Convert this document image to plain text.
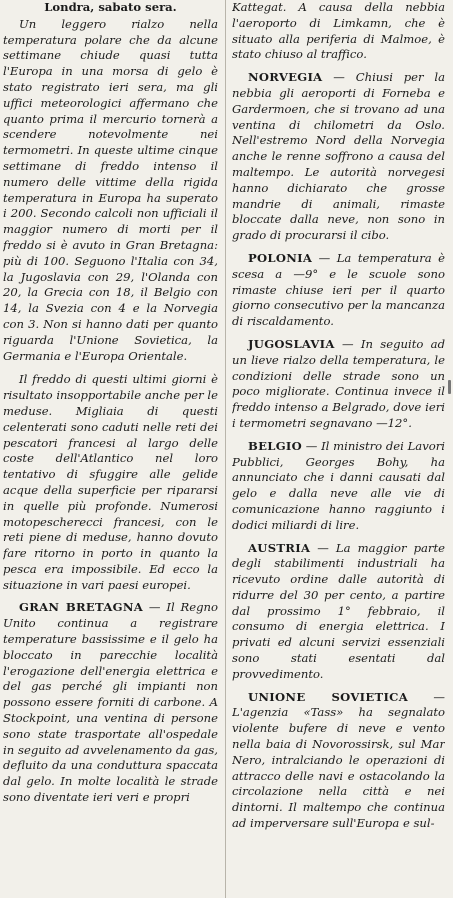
Londra, sabato sera.

Un leggero rialzo nella temperatura polare che da alcune settimane chiude quasi tutta l'Europa in una morsa di gelo è stato registrato ieri sera, ma gli uffici meteorologici affermano che quanto prima il mercurio tornerà a scendere notevolmente nei termometri. In queste ultime cinque settimane di freddo intenso il numero delle vittime della rigida temperatura in Europa ha superato i 200. Secondo calcoli non ufficiali il maggior numero di morti per il freddo si è avuto in Gran Bretagna: più di 100. Seguono l'Italia con 34, la Jugoslavia con 29, l'Olanda con 20, la Grecia con 18, il Belgio con 14, la Svezia con 4 e la Norvegia con 3. Non si hanno dati per quanto riguarda l'Unione Sovietica, la Germania e l'Europa Orientale.

Il freddo di questi ultimi giorni è risultato insopportabile anche per le meduse. Migliaia di questi celenterati sono caduti nelle reti dei pescatori francesi al largo delle coste dell'Atlantico nel loro tentativo di sfuggire alle gelide acque della superficie per ripararsi in quelle più profonde. Numerosi motopescherecci francesi, con le reti piene di meduse, hanno dovuto fare ritorno in porto in quanto la pesca era impossibile. Ed ecco la situazione in vari paesi europei.

GRAN BRETAGNA — Il Regno Unito continua a registrare temperature bassissime e il gelo ha bloccato in parecchie località l'erogazione dell'energia elettrica e del gas perché gli impianti non possono essere forniti di carbone. A Stockpoint, una ventina di persone sono state trasportate all'ospedale in seguito ad avvelenamento da gas, defluito da una conduttura spaccata dal gelo. In molte località le strade sono diventate ieri veri e propri

Kattegat. A causa della nebbia l'aeroporto di Limkamn, che è situato alla periferia di Malmoe, è stato chiuso al traffico.

NORVEGIA — Chiusi per la nebbia gli aeroporti di Forneba e Gardermoen, che si trovano ad una ventina di chilometri da Oslo. Nell'estremo Nord della Norvegia anche le renne soffrono a causa del maltempo. Le autorità norvegesi hanno dichiarato che grosse mandrie di animali, rimaste bloccate dalla neve, non sono in grado di procurarsi il cibo.

POLONIA — La temperatura è scesa a —9° e le scuole sono rimaste chiuse ieri per il quarto giorno consecutivo per la mancanza di riscaldamento.

JUGOSLAVIA — In seguito ad un lieve rialzo della temperatura, le condizioni delle strade sono un poco migliorate. Continua invece il freddo intenso a Belgrado, dove ieri i termometri segnavano —12°.

BELGIO — Il ministro dei Lavori Pubblici, Georges Bohy, ha annunciato che i danni causati dal gelo e dalla neve alle vie di comunicazione hanno raggiunto i dodici miliardi di lire.

AUSTRIA — La maggior parte degli stabilimenti industriali ha ricevuto ordine dalle autorità di ridurre del 30 per cento, a partire dal prossimo 1° febbraio, il consumo di energia elettrica. I privati ed alcuni servizi essenziali sono stati esentati dal provvedimento.

UNIONE SOVIETICA — L'agenzia «Tass» ha segnalato violente bufere di neve e vento nella baia di Novorossirsk, sul Mar Nero, intralciando le operazioni di attracco delle navi e ostacolando la circolazione nella città e nei dintorni. Il maltempo che continua ad imperversare sull'Europa e sul-
